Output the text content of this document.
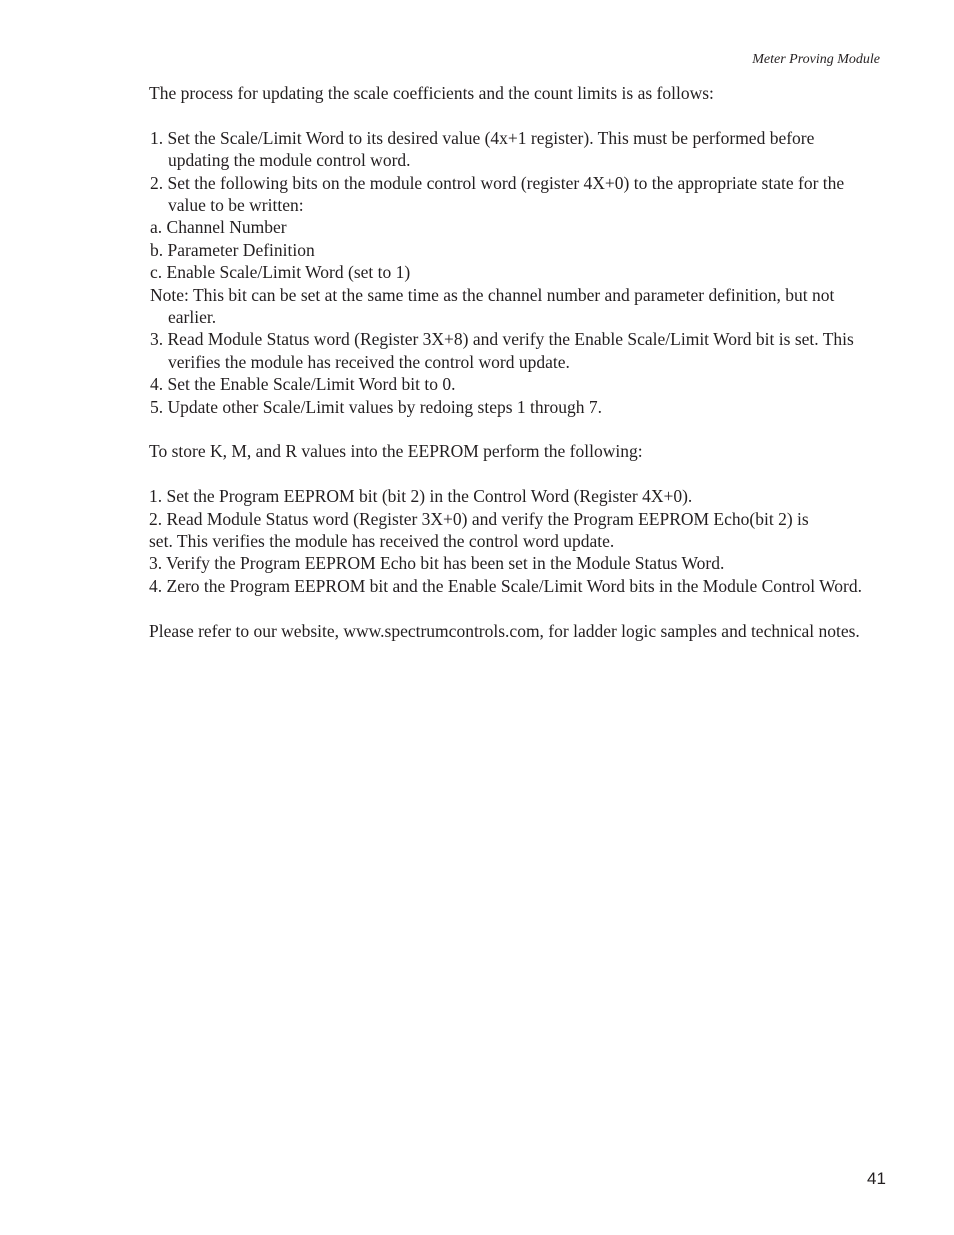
Meter Proving Module

The process for updating the scale coefficients and the count limits is as follows:

1. Set the Scale/Limit Word to its desired value (4x+1 register). This must be performed before updating the module control word.

2. Set the following bits on the module control word (register 4X+0) to the appropriate state for the value to be written:

a. Channel Number

b. Parameter Definition

c. Enable Scale/Limit Word (set to 1)

Note: This bit can be set at the same time as the channel number and parameter definition, but not earlier.

3. Read Module Status word (Register 3X+8) and verify the Enable Scale/Limit Word bit is set. This verifies the module has received the control word update.

4. Set the Enable Scale/Limit Word bit to 0.

5. Update other Scale/Limit values by redoing steps 1 through 7.

To store K, M, and R values into the EEPROM perform the following:

1. Set the Program EEPROM bit (bit 2) in the Control Word (Register 4X+0).

2. Read Module Status word (Register 3X+0) and verify the Program EEPROM Echo(bit 2) is

set. This verifies the module has received the control word update.

3. Verify the Program EEPROM Echo bit has been set in the Module Status Word.

4. Zero the Program EEPROM bit and the Enable Scale/Limit Word bits in the Module Control Word.

Please refer to our website, www.spectrumcontrols.com, for ladder logic samples and technical notes.

41
